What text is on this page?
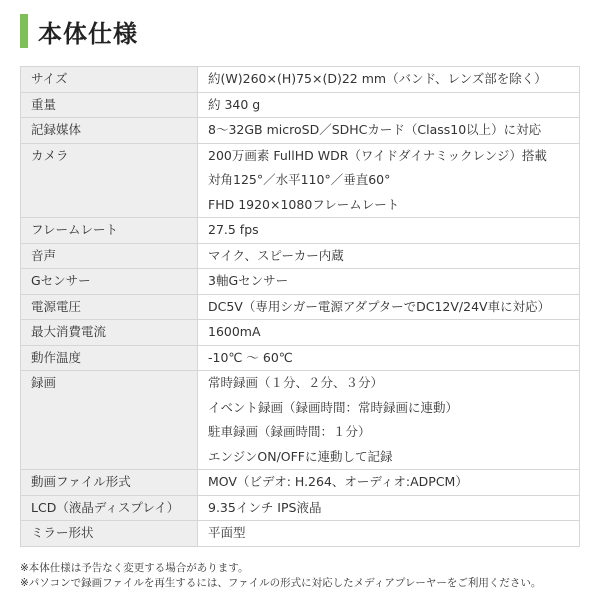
本体仕様
サイズ	約(W)260×(H)75×(D)22 mm（バンド、レンズ部を除く）

重量	約 340 g

記録媒体	8〜32GB microSD／SDHCカード（Class10以上）に対応

カメラ	200万画素 FullHD WDR（ワイドダイナミックレンジ）搭載
対角125°／水平110°／垂直60°
FHD 1920×1080フレームレート

フレームレート	27.5 fps

音声	マイク、スピーカー内蔵

Gセンサー	3軸Gセンサー

電源電圧	DC5V（専用シガー電源アダプターでDC12V/24V車に対応）

最大消費電流	1600mA

動作温度	-10℃ 〜 60℃

録画	常時録画（１分、２分、３分）
イベント録画（録画時間：常時録画に連動）
駐車録画（録画時間：１分）
エンジンON/OFFに連動して記録

動画ファイル形式	MOV（ビデオ: H.264、オーディオ:ADPCM）

LCD（液晶ディスプレイ）	9.35インチ IPS液晶

ミラー形状	平面型
※本体仕様は予告なく変更する場合があります。
※パソコンで録画ファイルを再生するには、ファイルの形式に対応したメディアプレーヤーをご利用ください。
